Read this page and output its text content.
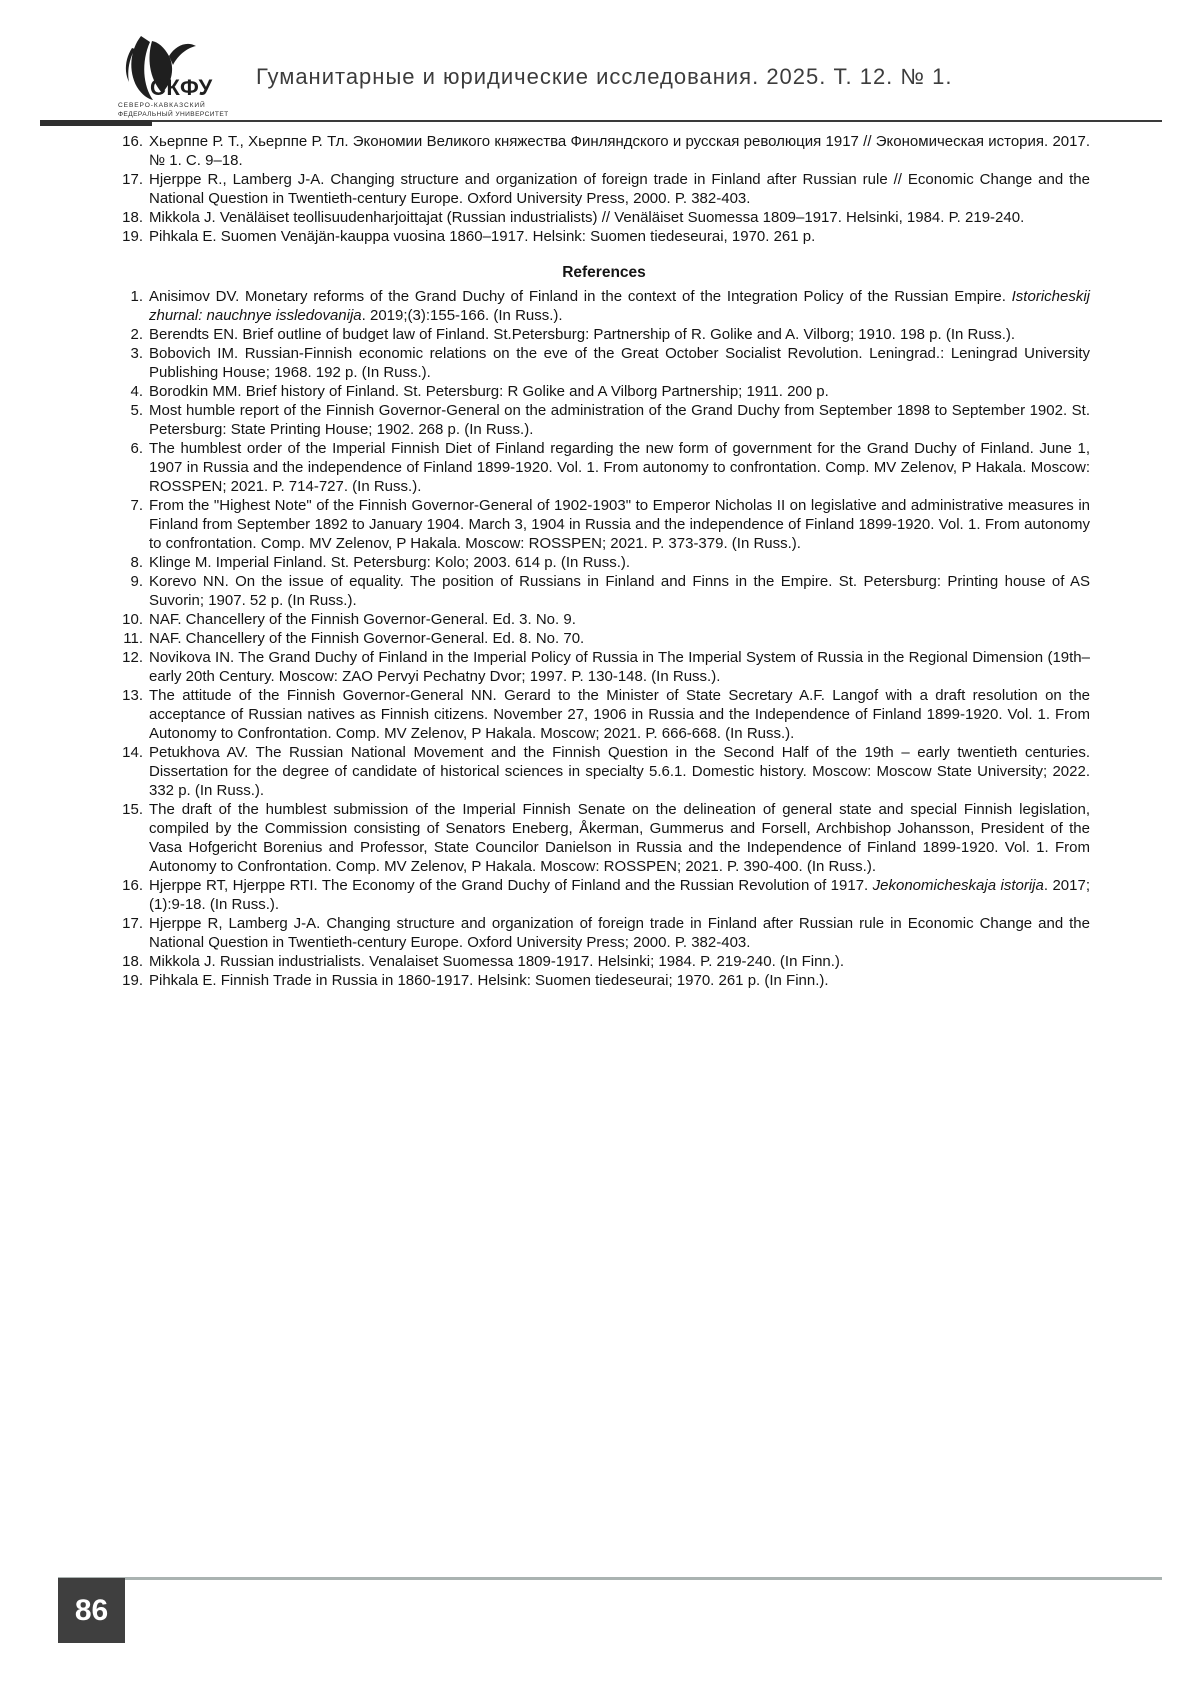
СКФУ
СЕВЕРО-КАВКАЗСКИЙ
ФЕДЕРАЛЬНЫЙ УНИВЕРСИТЕТ
Гуманитарные и юридические исследования. 2025. Т. 12. № 1.
16. Хьерппе Р. Т., Хьерппе Р. Тл. Экономии Великого княжества Финляндского и русская революция 1917 // Экономическая история. 2017. № 1. С. 9–18.
17. Hjerppe R., Lamberg J-A. Changing structure and organization of foreign trade in Finland after Russian rule // Economic Change and the National Question in Twentieth-century Europe. Oxford University Press, 2000. P. 382-403.
18. Mikkola J. Venäläiset teollisuudenharjoittajat (Russian industrialists) // Venäläiset Suomessa 1809–1917. Helsinki, 1984. P. 219-240.
19. Pihkala E. Suomen Venäjän-kauppa vuosina 1860–1917. Helsink: Suomen tiedeseurai, 1970. 261 p.
References
1. Anisimov DV. Monetary reforms of the Grand Duchy of Finland in the context of the Integration Policy of the Russian Empire. Istoricheskij zhurnal: nauchnye issledovanija. 2019;(3):155-166. (In Russ.).
2. Berendts EN. Brief outline of budget law of Finland. St.Petersburg: Partnership of R. Golike and A. Vilborg; 1910. 198 p. (In Russ.).
3. Bobovich IM. Russian-Finnish economic relations on the eve of the Great October Socialist Revolution. Leningrad.: Leningrad University Publishing House; 1968. 192 p. (In Russ.).
4. Borodkin MM. Brief history of Finland. St. Petersburg: R Golike and A Vilborg Partnership; 1911. 200 p.
5. Most humble report of the Finnish Governor-General on the administration of the Grand Duchy from September 1898 to September 1902. St. Petersburg: State Printing House; 1902. 268 p. (In Russ.).
6. The humblest order of the Imperial Finnish Diet of Finland regarding the new form of government for the Grand Duchy of Finland. June 1, 1907 in Russia and the independence of Finland 1899-1920. Vol. 1. From autonomy to confrontation. Comp. MV Zelenov, P Hakala. Moscow: ROSSPEN; 2021. P. 714-727. (In Russ.).
7. From the "Highest Note" of the Finnish Governor-General of 1902-1903" to Emperor Nicholas II on legislative and administrative measures in Finland from September 1892 to January 1904. March 3, 1904 in Russia and the independence of Finland 1899-1920. Vol. 1. From autonomy to confrontation. Comp. MV Zelenov, P Hakala. Moscow: ROSSPEN; 2021. P. 373-379. (In Russ.).
8. Klinge M. Imperial Finland. St. Petersburg: Kolo; 2003. 614 p. (In Russ.).
9. Korevo NN. On the issue of equality. The position of Russians in Finland and Finns in the Empire. St. Petersburg: Printing house of AS Suvorin; 1907. 52 p. (In Russ.).
10. NAF. Chancellery of the Finnish Governor-General. Ed. 3. No. 9.
11. NAF. Chancellery of the Finnish Governor-General. Ed. 8. No. 70.
12. Novikova IN. The Grand Duchy of Finland in the Imperial Policy of Russia in The Imperial System of Russia in the Regional Dimension (19th–early 20th Century. Moscow: ZAO Pervyi Pechatny Dvor; 1997. P. 130-148. (In Russ.).
13. The attitude of the Finnish Governor-General NN. Gerard to the Minister of State Secretary A.F. Langof with a draft resolution on the acceptance of Russian natives as Finnish citizens. November 27, 1906 in Russia and the Independence of Finland 1899-1920. Vol. 1. From Autonomy to Confrontation. Comp. MV Zelenov, P Hakala. Moscow; 2021. P. 666-668. (In Russ.).
14. Petukhova AV. The Russian National Movement and the Finnish Question in the Second Half of the 19th – early twentieth centuries. Dissertation for the degree of candidate of historical sciences in specialty 5.6.1. Domestic history. Moscow: Moscow State University; 2022. 332 p. (In Russ.).
15. The draft of the humblest submission of the Imperial Finnish Senate on the delineation of general state and special Finnish legislation, compiled by the Commission consisting of Senators Eneberg, Åkerman, Gummerus and Forsell, Archbishop Johansson, President of the Vasa Hofgericht Borenius and Professor, State Councilor Danielson in Russia and the Independence of Finland 1899-1920. Vol. 1. From Autonomy to Confrontation. Comp. MV Zelenov, P Hakala. Moscow: ROSSPEN; 2021. P. 390-400. (In Russ.).
16. Hjerppe RT, Hjerppe RTI. The Economy of the Grand Duchy of Finland and the Russian Revolution of 1917. Jekonomicheskaja istorija. 2017;(1):9-18. (In Russ.).
17. Hjerppe R, Lamberg J-A. Changing structure and organization of foreign trade in Finland after Russian rule in Economic Change and the National Question in Twentieth-century Europe. Oxford University Press; 2000. P. 382-403.
18. Mikkola J. Russian industrialists. Venalaiset Suomessa 1809-1917. Helsinki; 1984. P. 219-240. (In Finn.).
19. Pihkala E. Finnish Trade in Russia in 1860-1917. Helsink: Suomen tiedeseurai; 1970. 261 p. (In Finn.).
86
